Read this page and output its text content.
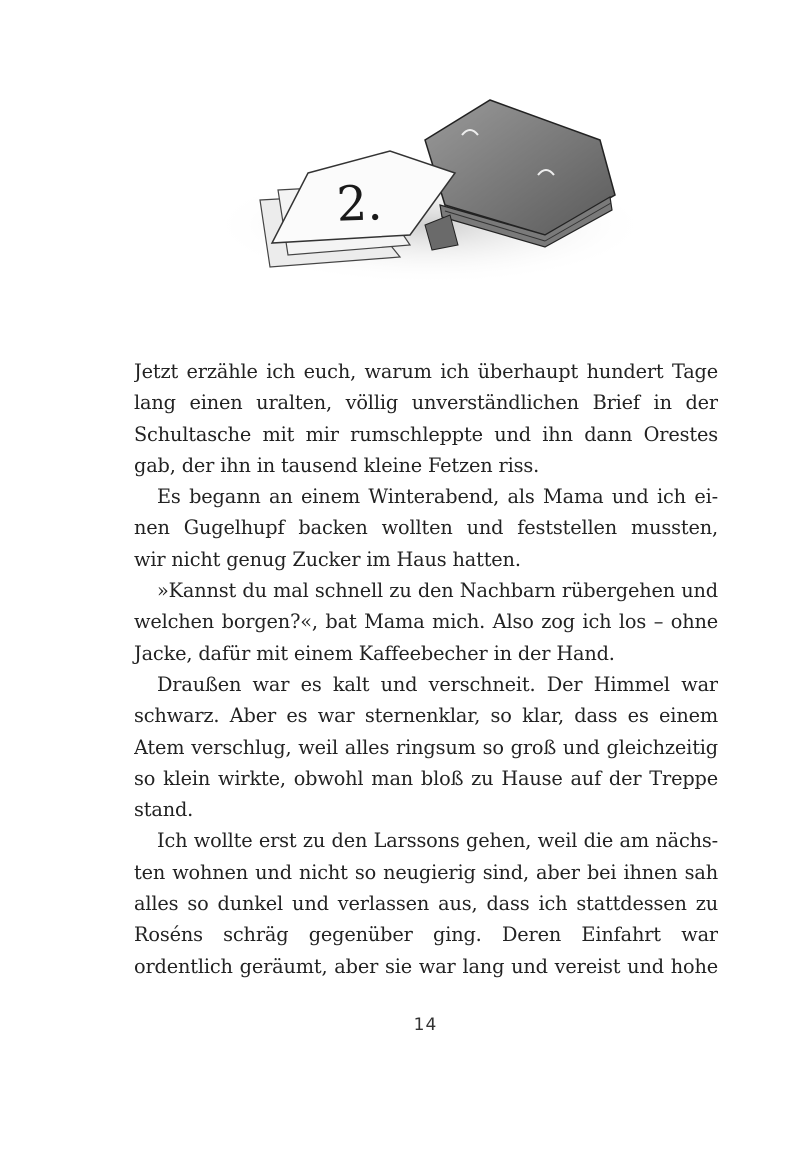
2.
Jetzt erzähle ich euch, warum ich überhaupt hundert Tage
lang einen uralten, völlig unverständlichen Brief in der
Schultasche mit mir rumschleppte und ihn dann Orestes
gab, der ihn in tausend kleine Fetzen riss.
Es begann an einem Winterabend, als Mama und ich ei-
nen Gugelhupf backen wollten und feststellen mussten,
wir nicht genug Zucker im Haus hatten.
»Kannst du mal schnell zu den Nachbarn rübergehen und
welchen borgen?«, bat Mama mich. Also zog ich los – ohne
Jacke, dafür mit einem Kaffeebecher in der Hand.
Draußen war es kalt und verschneit. Der Himmel war
schwarz. Aber es war sternenklar, so klar, dass es einem
Atem verschlug, weil alles ringsum so groß und gleichzeitig
so klein wirkte, obwohl man bloß zu Hause auf der Treppe
stand.
Ich wollte erst zu den Larssons gehen, weil die am nächs-
ten wohnen und nicht so neugierig sind, aber bei ihnen sah
alles so dunkel und verlassen aus, dass ich stattdessen zu
Roséns schräg gegenüber ging. Deren Einfahrt war
ordentlich geräumt, aber sie war lang und vereist und hohe
14
